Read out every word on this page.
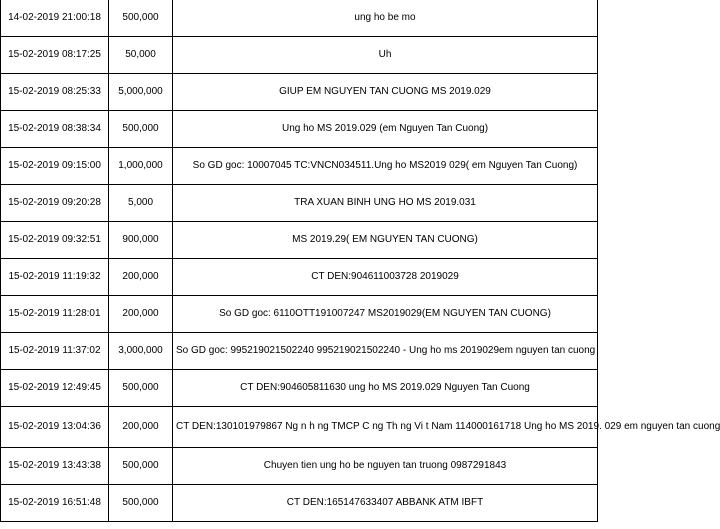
14-02-2019 21:00:18	500,000	ung ho be mo
15-02-2019 08:17:25	50,000	Uh
15-02-2019 08:25:33	5,000,000	GIUP EM NGUYEN TAN CUONG MS 2019.029
15-02-2019 08:38:34	500,000	Ung ho MS 2019.029 (em Nguyen Tan Cuong)
15-02-2019 09:15:00	1,000,000	So GD goc: 10007045 TC:VNCN034511.Ung ho MS2019 029( em Nguyen Tan Cuong)
15-02-2019 09:20:28	5,000	TRA XUAN BINH UNG HO MS 2019.031
15-02-2019 09:32:51	900,000	MS 2019.29( EM NGUYEN TAN CUONG)
15-02-2019 11:19:32	200,000	CT DEN:904611003728 2019029
15-02-2019 11:28:01	200,000	So GD goc: 6110OTT191007247 MS2019029(EM NGUYEN TAN CUONG)
15-02-2019 11:37:02	3,000,000	So GD goc: 995219021502240 995219021502240 - Ung ho ms 2019029em nguyen tan cuong
15-02-2019 12:49:45	500,000	CT DEN:904605811630 ung ho MS 2019.029 Nguyen Tan Cuong
15-02-2019 13:04:36	200,000	CT DEN:130101979867 Ng n h ng TMCP C ng Th ng Vi t Nam 114000161718 Ung ho MS 2019. 029 em nguyen tan cuong
15-02-2019 13:43:38	500,000	Chuyen tien ung ho be nguyen tan truong 0987291843
15-02-2019 16:51:48	500,000	CT DEN:165147633407 ABBANK ATM IBFT
